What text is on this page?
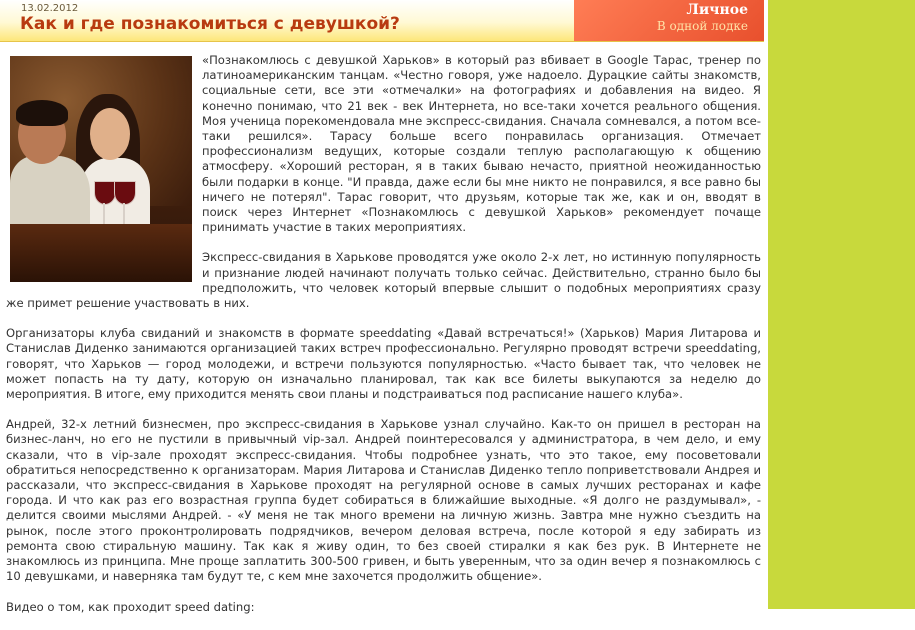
13.02.2012
Как и где познакомиться с девушкой?
Личное
В одной лодке

«Познакомлюсь с девушкой Харьков» в который раз вбивает в Google Тарас, тренер по латиноамериканским танцам. «Честно говоря, уже надоело. Дурацкие сайты знакомств, социальные сети, все эти «отмечалки» на фотографиях и добавления на видео. Я конечно понимаю, что 21 век - век Интернета, но все-таки хочется реального общения. Моя ученица порекомендовала мне экспресс-свидания. Сначала сомневался, а потом все-таки решился». Тарасу больше всего понравилась организация. Отмечает профессионализм ведущих, которые создали теплую располагающую к общению атмосферу. «Хороший ресторан, я в таких бываю нечасто, приятной неожиданностью были подарки в конце. "И правда, даже если бы мне никто не понравился, я все равно бы ничего не потерял". Тарас говорит, что друзьям, которые так же, как и он, вводят в поиск через Интернет «Познакомлюсь с девушкой Харьков» рекомендует почаще принимать участие в таких мероприятиях.

Экспресс-свидания в Харькове проводятся уже около 2-х лет, но истинную популярность и признание людей начинают получать только сейчас. Действительно, странно было бы предположить, что человек который впервые слышит о подобных мероприятиях сразу же примет решение участвовать в них.

Организаторы клуба свиданий и знакомств в формате speeddating «Давай встречаться!» (Харьков) Мария Литарова и Станислав Диденко занимаются организацией таких встреч профессионально. Регулярно проводят встречи speeddating, говорят, что Харьков — город молодежи, и встречи пользуются популярностью. «Часто бывает так, что человек не может попасть на ту дату, которую он изначально планировал, так как все билеты выкупаются за неделю до мероприятия. В итоге, ему приходится менять свои планы и подстраиваться под расписание нашего клуба».

Андрей, 32-х летний бизнесмен, про экспресс-свидания в Харькове узнал случайно. Как-то он пришел в ресторан на бизнес-ланч, но его не пустили в привычный vip-зал. Андрей поинтересовался у администратора, в чем дело, и ему сказали, что в vip-зале проходят экспресс-свидания. Чтобы подробнее узнать, что это такое, ему посоветовали обратиться непосредственно к организаторам. Мария Литарова и Станислав Диденко тепло поприветствовали Андрея и рассказали, что экспресс-свидания в Харькове проходят на регулярной основе в самых лучших ресторанах и кафе города. И что как раз его возрастная группа будет собираться в ближайшие выходные. «Я долго не раздумывал», - делится своими мыслями Андрей. - «У меня не так много времени на личную жизнь. Завтра мне нужно съездить на рынок, после этого проконтролировать подрядчиков, вечером деловая встреча, после которой я еду забирать из ремонта свою стиральную машину. Так как я живу один, то без своей стиралки я как без рук. В Интернете не знакомлюсь из принципа. Мне проще заплатить 300-500 гривен, и быть уверенным, что за один вечер я познакомлюсь с 10 девушками, и наверняка там будут те, с кем мне захочется продолжить общение».

Видео о том, как проходит speed dating:
